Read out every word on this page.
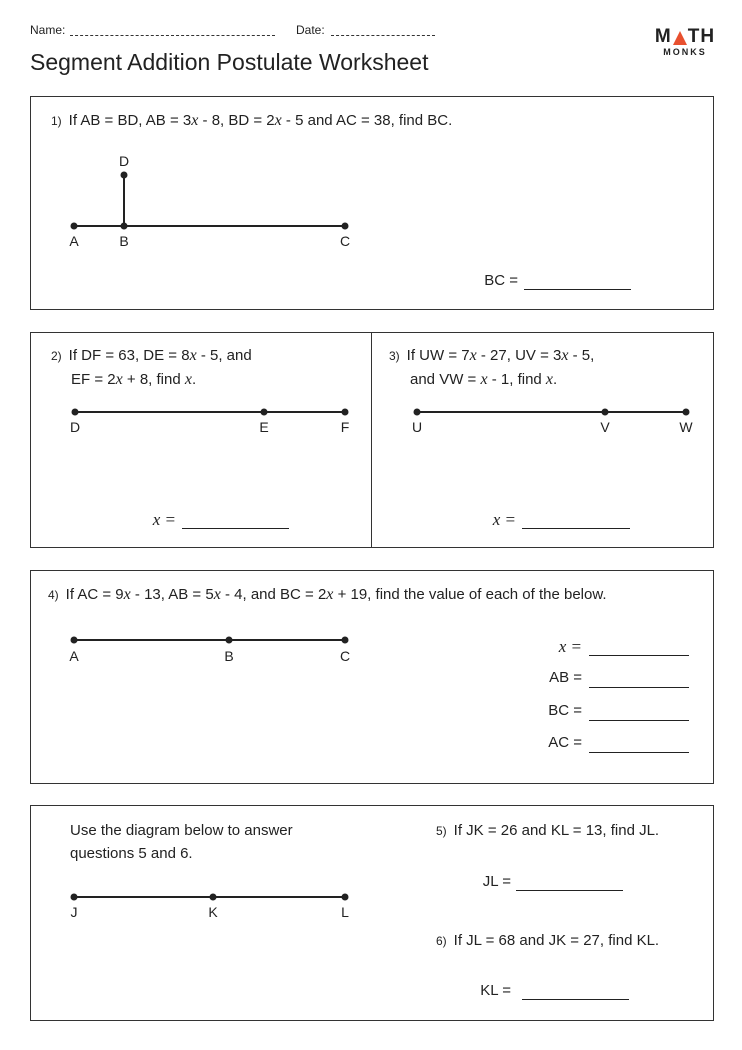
Name:	Date:
Segment Addition Postulate Worksheet
M TH
MONKS
1) If AB = BD, AB = 3x - 8, BD = 2x - 5 and AC = 38, find BC.
A	B	C
D
BC =
2) If DF = 63, DE = 8x - 5, and
EF = 2x + 8, find x.
D	E	F
x =
3) If UW = 7x - 27, UV = 3x - 5,
and VW = x - 1, find x.
U	V	W
x =
4) If AC = 9x - 13, AB = 5x - 4, and BC = 2x + 19, find the value of each of the below.
A	B	C	x =
AB =
BC =
AC =
Use the diagram below to answer
questions 5 and 6.
J	K	L
5) If JK = 26 and KL = 13, find JL.
JL =
6) If JL = 68 and JK = 27, find KL.
KL =
